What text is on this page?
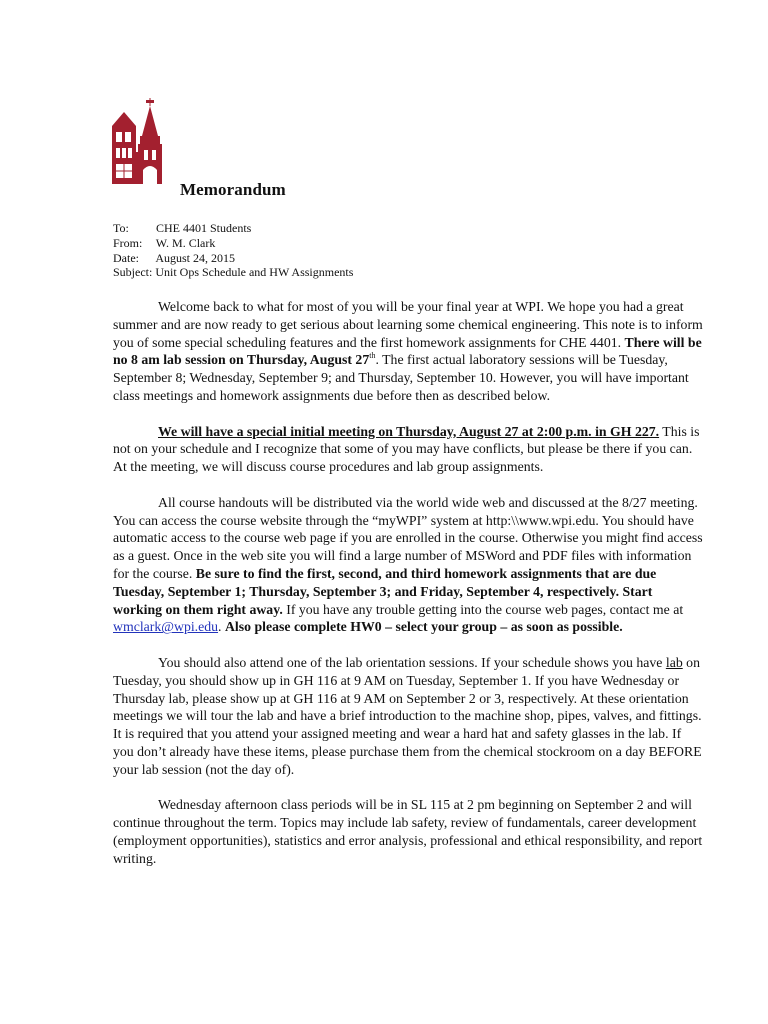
Memorandum
To: CHE 4401 Students
From: W. M. Clark
Date: August 24, 2015
Subject: Unit Ops Schedule and HW Assignments

Welcome back to what for most of you will be your final year at WPI. We hope you had a great summer and are now ready to get serious about learning some chemical engineering. This note is to inform you of some special scheduling features and the first homework assignments for CHE 4401. There will be no 8 am lab session on Thursday, August 27th. The first actual laboratory sessions will be Tuesday, September 8; Wednesday, September 9; and Thursday, September 10. However, you will have important class meetings and homework assignments due before then as described below.

We will have a special initial meeting on Thursday, August 27 at 2:00 p.m. in GH 227. This is not on your schedule and I recognize that some of you may have conflicts, but please be there if you can. At the meeting, we will discuss course procedures and lab group assignments.

All course handouts will be distributed via the world wide web and discussed at the 8/27 meeting. You can access the course website through the “myWPI” system at http:\\www.wpi.edu. You should have automatic access to the course web page if you are enrolled in the course. Otherwise you might find access as a guest. Once in the web site you will find a large number of MSWord and PDF files with information for the course. Be sure to find the first, second, and third homework assignments that are due Tuesday, September 1; Thursday, September 3; and Friday, September 4, respectively. Start working on them right away. If you have any trouble getting into the course web pages, contact me at wmclark@wpi.edu. Also please complete HW0 – select your group – as soon as possible.

You should also attend one of the lab orientation sessions. If your schedule shows you have lab on Tuesday, you should show up in GH 116 at 9 AM on Tuesday, September 1. If you have Wednesday or Thursday lab, please show up at GH 116 at 9 AM on September 2 or 3, respectively. At these orientation meetings we will tour the lab and have a brief introduction to the machine shop, pipes, valves, and fittings. It is required that you attend your assigned meeting and wear a hard hat and safety glasses in the lab. If you don’t already have these items, please purchase them from the chemical stockroom on a day BEFORE your lab session (not the day of).

Wednesday afternoon class periods will be in SL 115 at 2 pm beginning on September 2 and will continue throughout the term. Topics may include lab safety, review of fundamentals, career development (employment opportunities), statistics and error analysis, professional and ethical responsibility, and report writing.
